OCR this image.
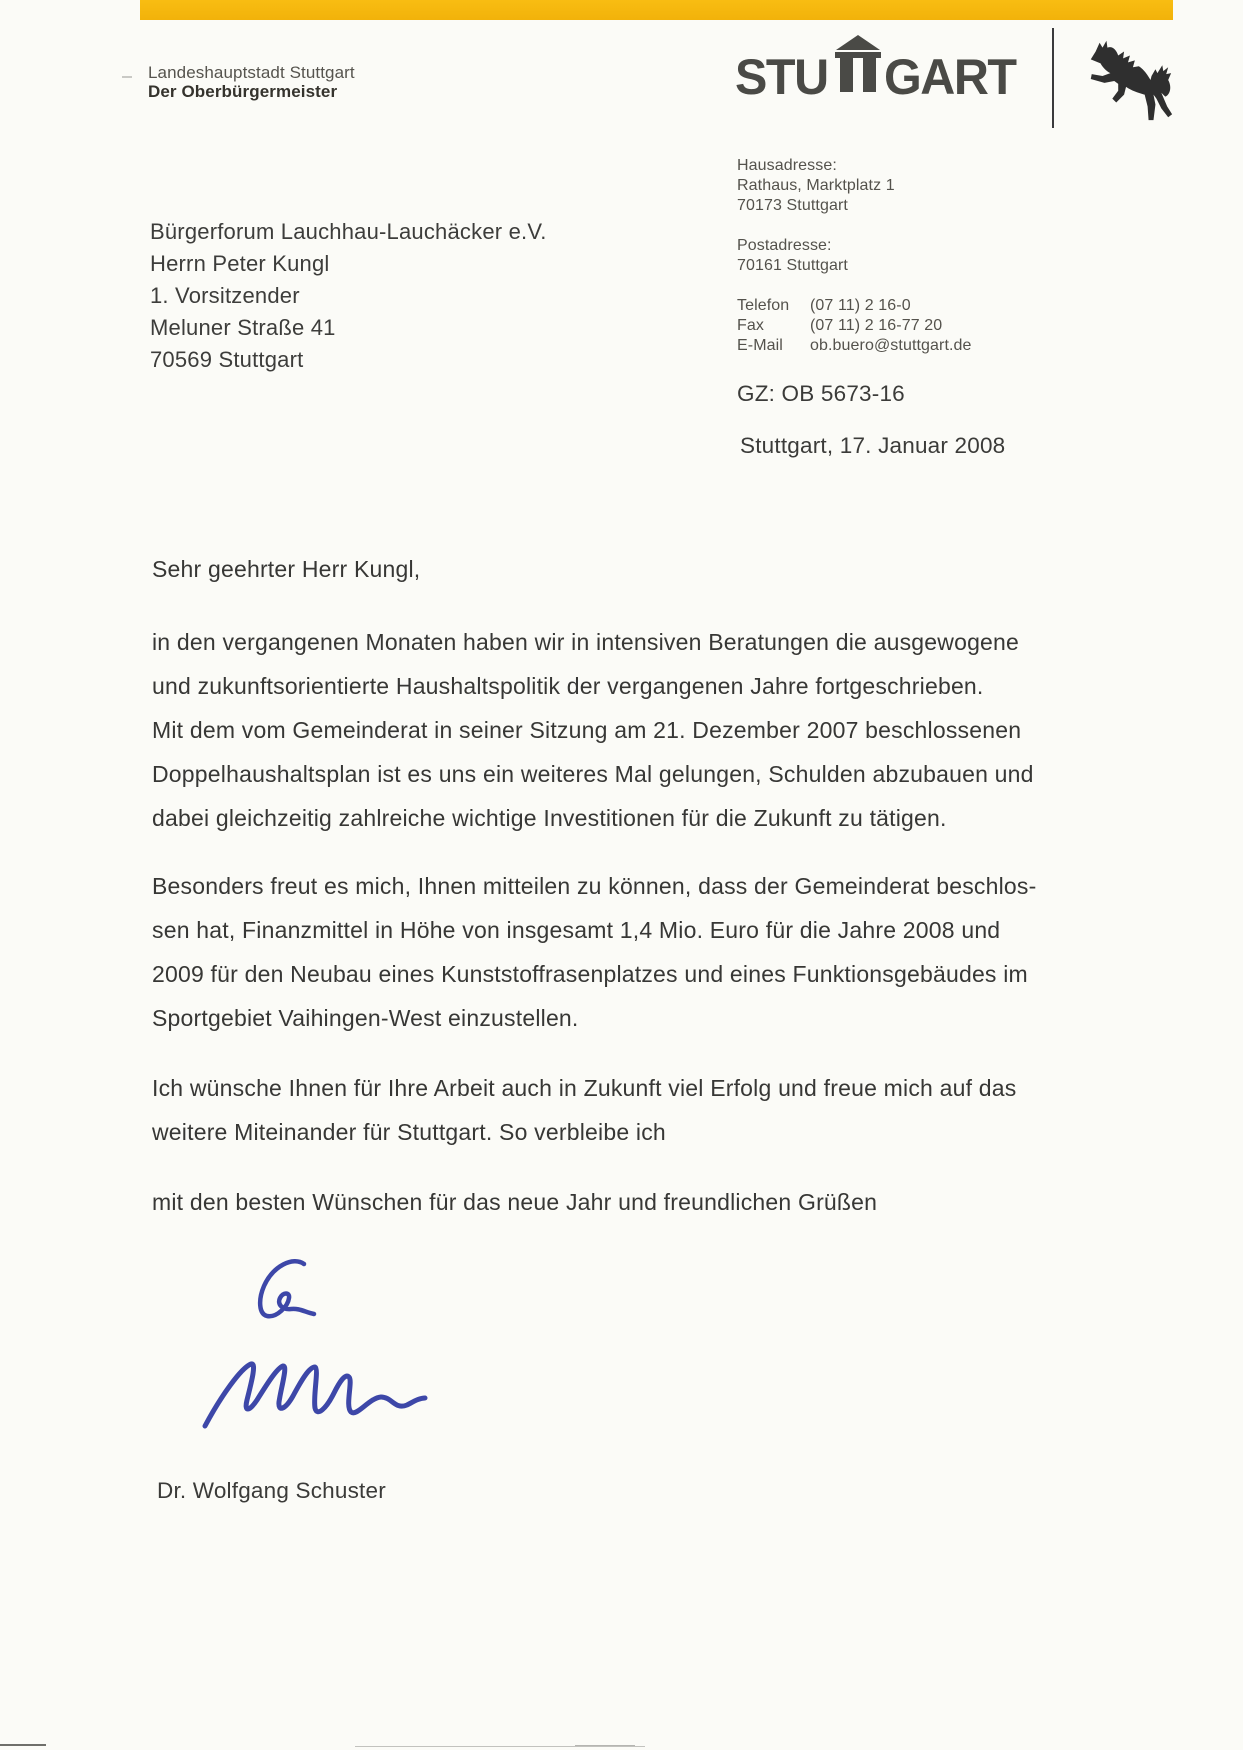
Landeshauptstadt Stuttgart
Der Oberbürgermeister	STU GART
Bürgerforum Lauchhau-Lauchäcker e.V.
Herrn Peter Kungl
1. Vorsitzender
Meluner Straße 41
70569 Stuttgart
Hausadresse:
Rathaus, Marktplatz 1
70173 Stuttgart
Postadresse:
70161 Stuttgart
Telefon	(07 11) 2 16-0
Fax	(07 11) 2 16-77 20
E-Mail	ob.buero@stuttgart.de
GZ: OB 5673-16
Stuttgart, 17. Januar 2008
Sehr geehrter Herr Kungl,
in den vergangenen Monaten haben wir in intensiven Beratungen die ausgewogene
und zukunftsorientierte Haushaltspolitik der vergangenen Jahre fortgeschrieben.
Mit dem vom Gemeinderat in seiner Sitzung am 21. Dezember 2007 beschlossenen
Doppelhaushaltsplan ist es uns ein weiteres Mal gelungen, Schulden abzubauen und
dabei gleichzeitig zahlreiche wichtige Investitionen für die Zukunft zu tätigen.
Besonders freut es mich, Ihnen mitteilen zu können, dass der Gemeinderat beschlos-
sen hat, Finanzmittel in Höhe von insgesamt 1,4 Mio. Euro für die Jahre 2008 und
2009 für den Neubau eines Kunststoffrasenplatzes und eines Funktionsgebäudes im
Sportgebiet Vaihingen-West einzustellen.
Ich wünsche Ihnen für Ihre Arbeit auch in Zukunft viel Erfolg und freue mich auf das
weitere Miteinander für Stuttgart. So verbleibe ich
mit den besten Wünschen für das neue Jahr und freundlichen Grüßen
Dr. Wolfgang Schuster
